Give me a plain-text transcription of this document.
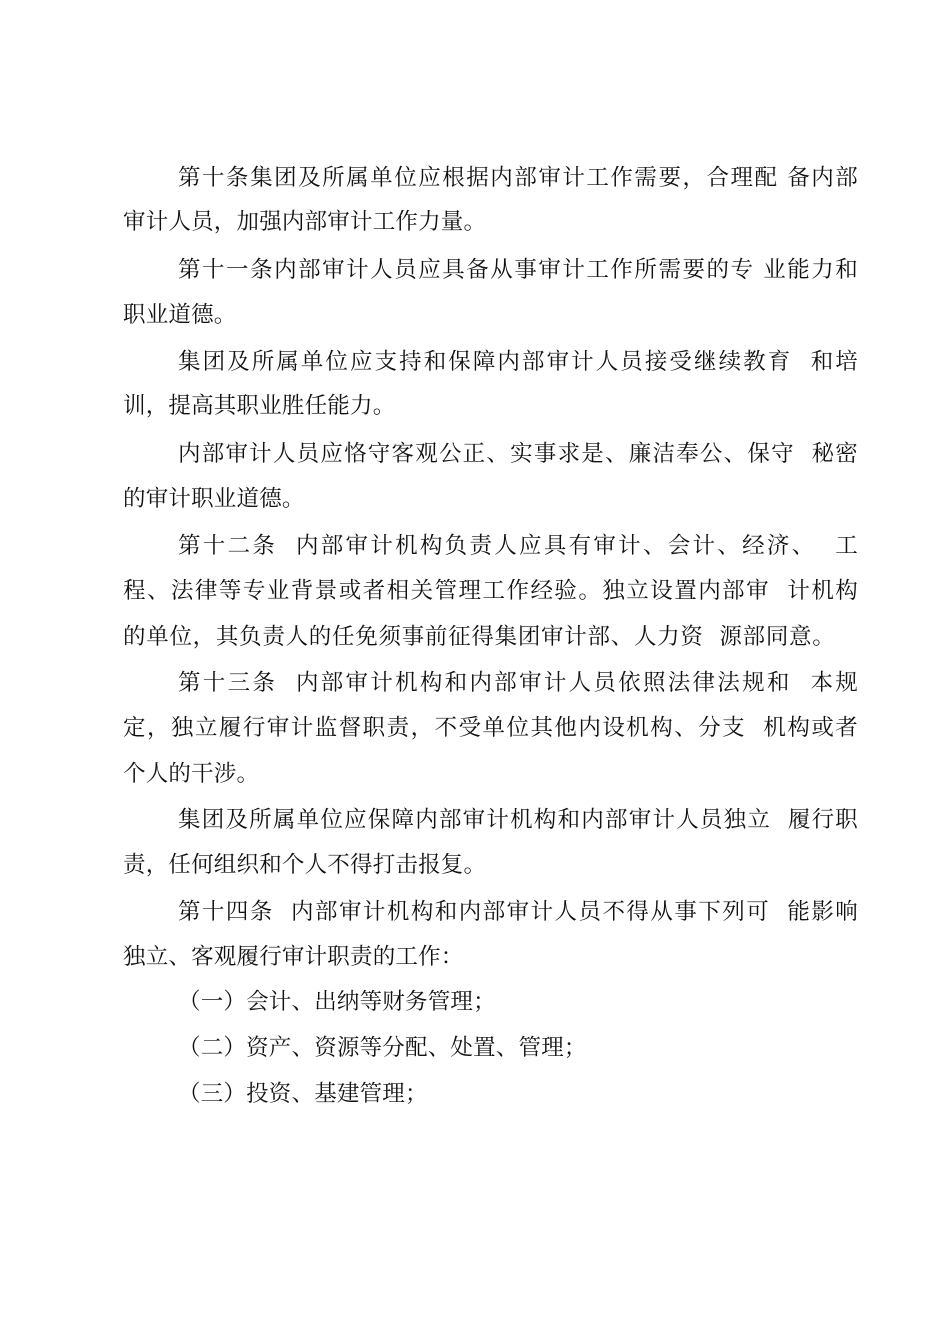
第十条集团及所属单位应根据内部审计工作需要，合理配 备内部
审计人员，加强内部审计工作力量。
第十一条内部审计人员应具备从事审计工作所需要的专 业能力和
职业道德。
集团及所属单位应支持和保障内部审计人员接受继续教育  和培
训，提高其职业胜任能力。
内部审计人员应恪守客观公正、实事求是、廉洁奉公、保守  秘密
的审计职业道德。
第十二条  内部审计机构负责人应具有审计、会计、经济、  工
程、法律等专业背景或者相关管理工作经验。独立设置内部审  计机构
的单位，其负责人的任免须事前征得集团审计部、人力资  源部同意。
第十三条  内部审计机构和内部审计人员依照法律法规和  本规
定，独立履行审计监督职责，不受单位其他内设机构、分支  机构或者
个人的干涉。
集团及所属单位应保障内部审计机构和内部审计人员独立  履行职
责，任何组织和个人不得打击报复。
第十四条  内部审计机构和内部审计人员不得从事下列可  能影响
独立、客观履行审计职责的工作：
（一）会计、出纳等财务管理；
（二）资产、资源等分配、处置、管理；
（三）投资、基建管理；
